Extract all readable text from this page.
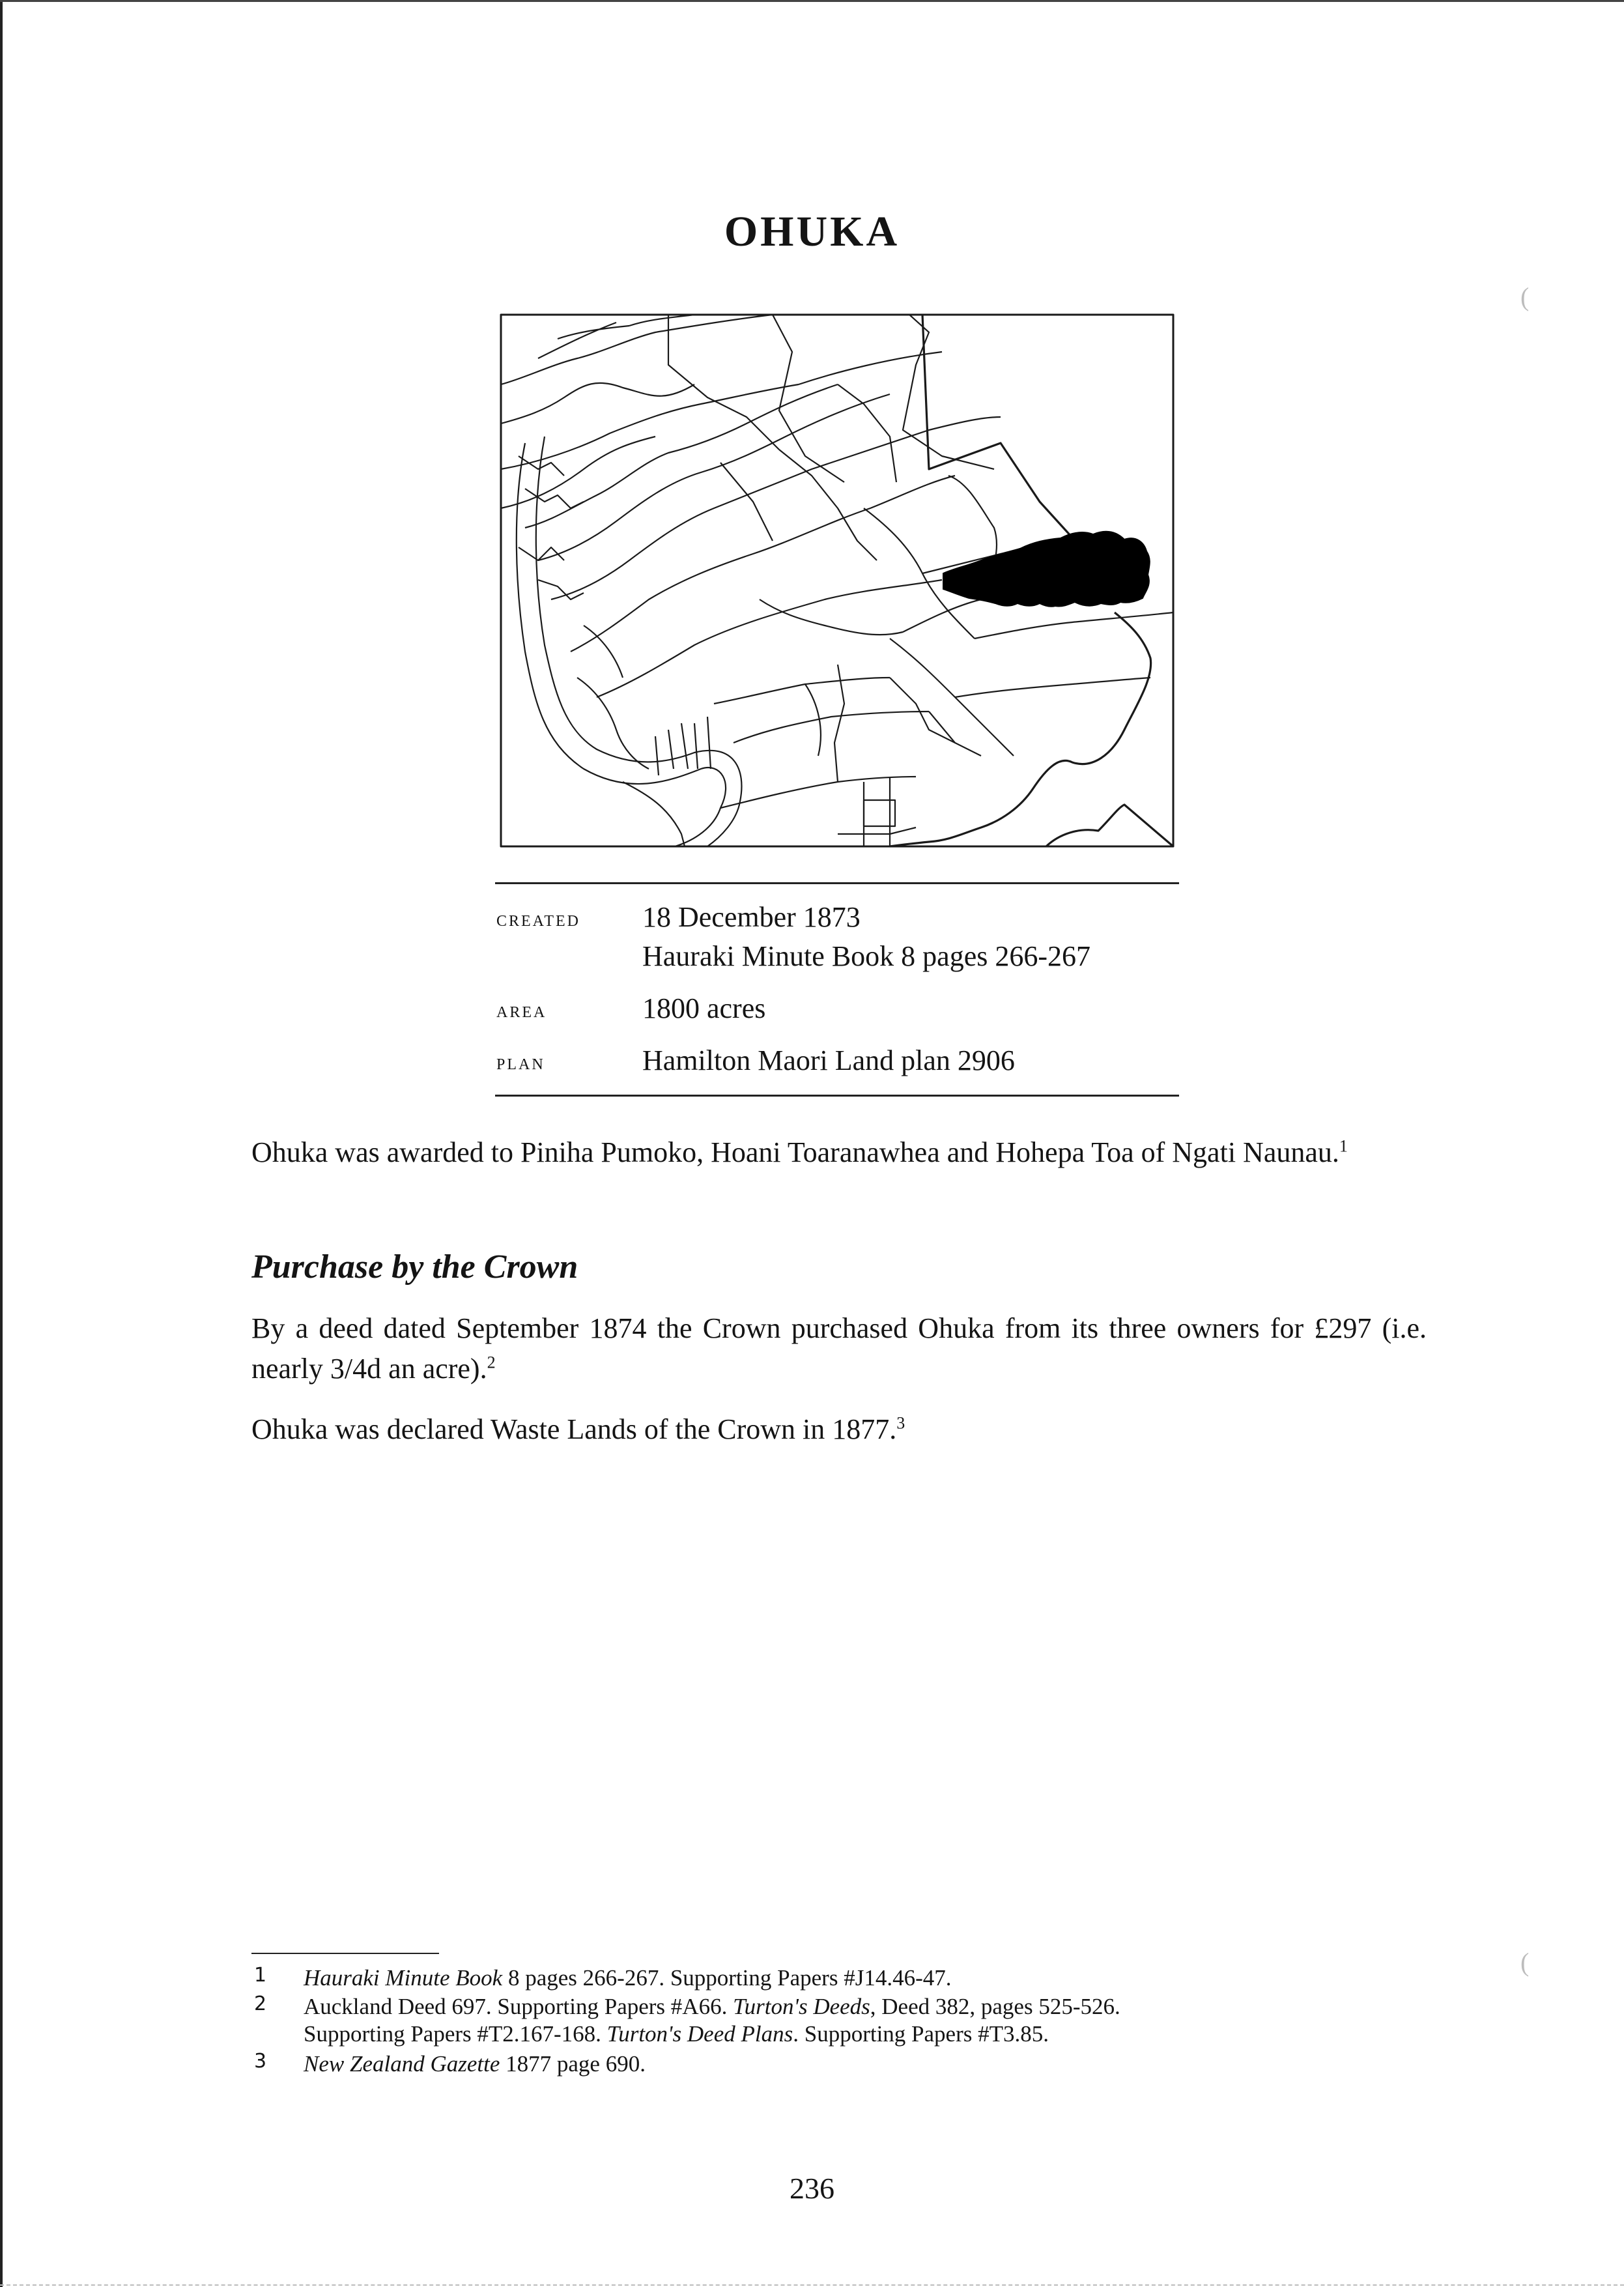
OHUKA
created 18 December 1873
Hauraki Minute Book 8 pages 266-267
area	1800 acres
plan	Hamilton Maori Land plan 2906
Ohuka was awarded to Piniha Pumoko, Hoani Toaranawhea and Hohepa Toa of Ngati Naunau.$^1$
Purchase by the Crown
By a deed dated September 1874 the Crown purchased Ohuka from its three owners for £297 (i.e. nearly 3/4d an acre).$^2$
Ohuka was declared Waste Lands of the Crown in 1877.$^3$
1 Hauraki Minute Book 8 pages 266-267. Supporting Papers #J14.46-47.
2 Auckland Deed 697. Supporting Papers #A66. Turton's Deeds, Deed 382, pages 525-526.
Supporting Papers #T2.167-168. Turton's Deed Plans. Supporting Papers #T3.85.
3 New Zealand Gazette 1877 page 690.
236
(
(
